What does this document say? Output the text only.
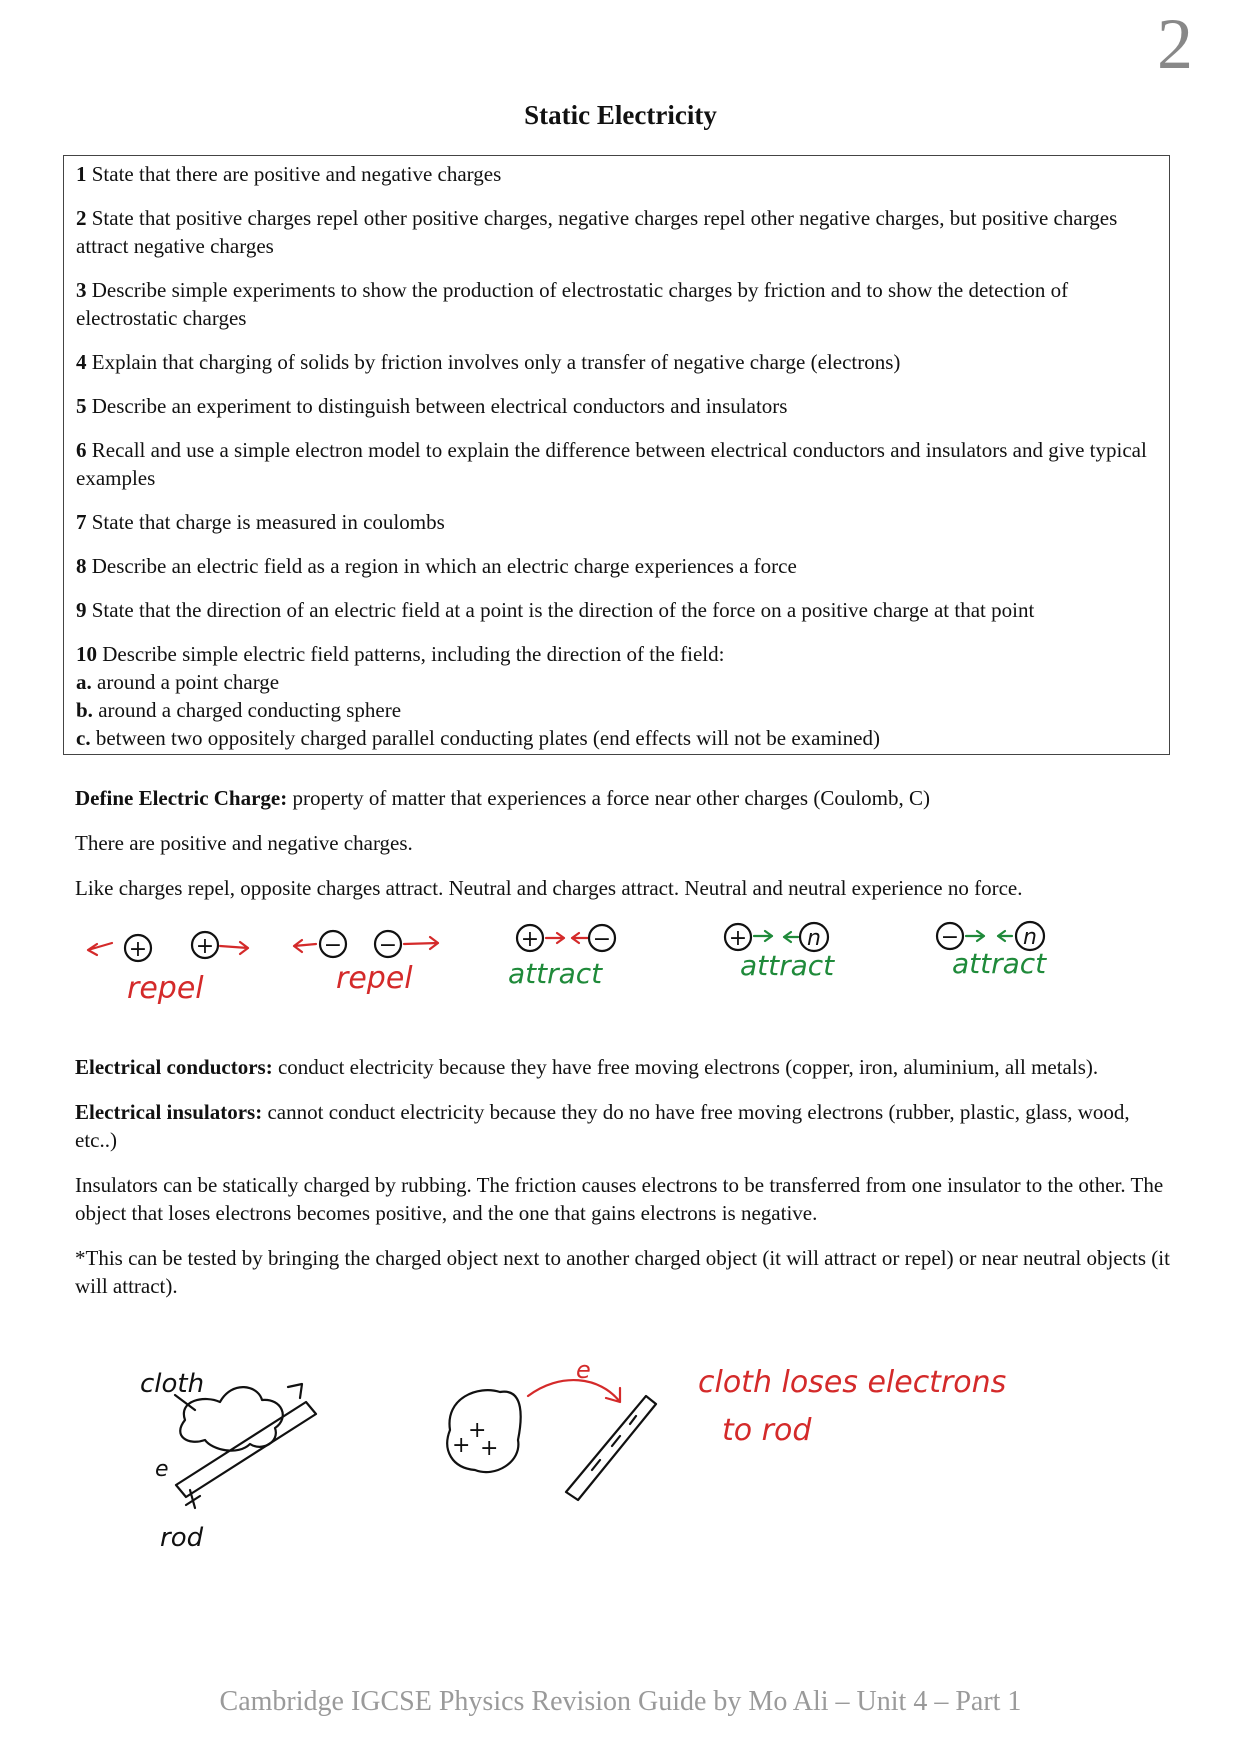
2
Static Electricity
1 State that there are positive and negative charges
2 State that positive charges repel other positive charges, negative charges repel other negative charges, but positive charges attract negative charges
3 Describe simple experiments to show the production of electrostatic charges by friction and to show the detection of electrostatic charges
4 Explain that charging of solids by friction involves only a transfer of negative charge (electrons)
5 Describe an experiment to distinguish between electrical conductors and insulators
6 Recall and use a simple electron model to explain the difference between electrical conductors and insulators and give typical examples
7 State that charge is measured in coulombs
8 Describe an electric field as a region in which an electric charge experiences a force
9 State that the direction of an electric field at a point is the direction of the force on a positive charge at that point
10 Describe simple electric field patterns, including the direction of the field:
a. around a point charge
b. around a charged conducting sphere
c. between two oppositely charged parallel conducting plates (end effects will not be examined)

Define Electric Charge: property of matter that experiences a force near other charges (Coulomb, C)

There are positive and negative charges.

Like charges repel, opposite charges attract. Neutral and charges attract. Neutral and neutral experience no force.

+ +
repel
− −
repel
+ −
attract
+	n
attract
−	n
attract

Electrical conductors: conduct electricity because they have free moving electrons (copper, iron, aluminium, all metals).

Electrical insulators: cannot conduct electricity because they do no have free moving electrons (rubber, plastic, glass, wood, etc..)

Insulators can be statically charged by rubbing. The friction causes electrons to be transferred from one insulator to the other. The object that loses electrons becomes positive, and the one that gains electrons is negative.

*This can be tested by bringing the charged object next to another charged object (it will attract or repel) or near neutral objects (it will attract).

cloth
e
rod
+
+ +
e	cloth loses electrons
to rod
Cambridge IGCSE Physics Revision Guide by Mo Ali – Unit 4 – Part 1
